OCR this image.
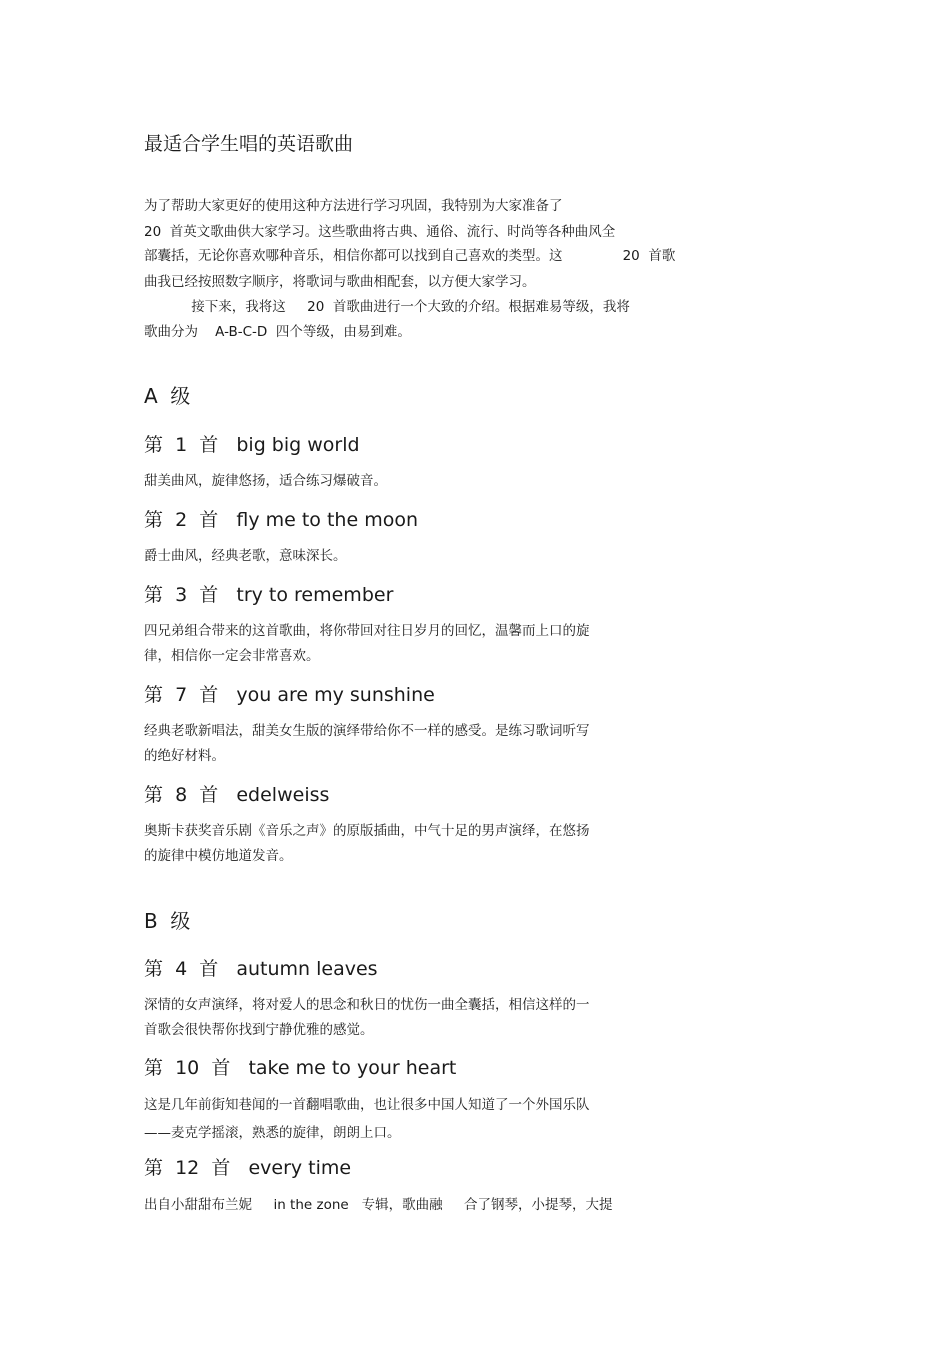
最适合学生唱的英语歌曲
为了帮助大家更好的使用这种方法进行学习巩固，我特别为大家准备了
20  首英文歌曲供大家学习。这些歌曲将古典、通俗、流行、时尚等各种曲风全
部囊括，无论你喜欢哪种音乐，相信你都可以找到自己喜欢的类型。这              20  首歌
曲我已经按照数字顺序，将歌词与歌曲相配套，以方便大家学习。
接下来，我将这     20  首歌曲进行一个大致的介绍。根据难易等级，我将
歌曲分为    A-B-C-D  四个等级，由易到难。
A  级
第  1  首   big big world
甜美曲风，旋律悠扬，适合练习爆破音。
第  2  首   fly me to the moon
爵士曲风，经典老歌，意味深长。
第  3  首   try to remember
四兄弟组合带来的这首歌曲，将你带回对往日岁月的回忆，温馨而上口的旋
律，相信你一定会非常喜欢。
第  7  首   you are my sunshine
经典老歌新唱法，甜美女生版的演绎带给你不一样的感受。是练习歌词听写
的绝好材料。
第  8  首   edelweiss
奥斯卡获奖音乐剧《音乐之声》的原版插曲，中气十足的男声演绎，在悠扬
的旋律中模仿地道发音。
B  级
第  4  首   autumn leaves
深情的女声演绎，将对爱人的思念和秋日的忧伤一曲全囊括，相信这样的一
首歌会很快帮你找到宁静优雅的感觉。
第  10  首   take me to your heart
这是几年前街知巷闻的一首翻唱歌曲，也让很多中国人知道了一个外国乐队
——麦克学摇滚，熟悉的旋律，朗朗上口。
第  12  首   every time
出自小甜甜布兰妮     in the zone   专辑，歌曲融     合了钢琴，小提琴，大提
